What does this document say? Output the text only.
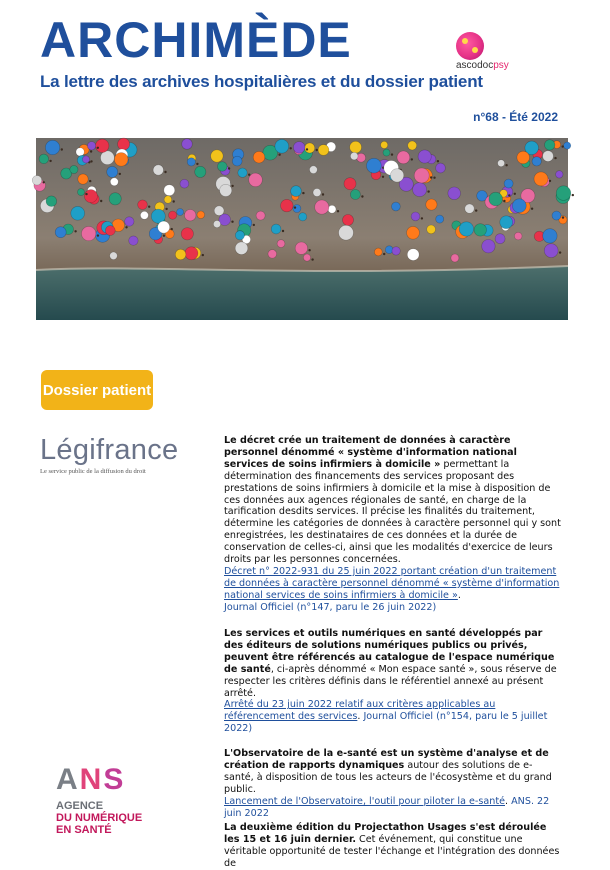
ARCHIMÈDE
La lettre des archives hospitalières et du dossier patient
ascodocpsy
n°68 - Été 2022
Dossier patient
Légifrance
Le service public de la diffusion du droit
ANS
AGENCE
DU NUMÉRIQUE
EN SANTÉ

Le décret crée un traitement de données à caractère personnel dénommé « système d'information national services de soins infirmiers à domicile » permettant la détermination des financements des services proposant des prestations de soins infirmiers à domicile et la mise à disposition de ces données aux agences régionales de santé, en charge de la tarification desdits services. Il précise les finalités du traitement, détermine les catégories de données à caractère personnel qui y sont enregistrées, les destinataires de ces données et la durée de conservation de celles-ci, ainsi que les modalités d'exercice de leurs droits par les personnes concernées.

Décret n° 2022-931 du 25 juin 2022 portant création d'un traitement de données à caractère personnel dénommé « système d'information national services de soins infirmiers à domicile ».
Journal Officiel (n°147, paru le 26 juin 2022)

Les services et outils numériques en santé développés par des éditeurs de solutions numériques publics ou privés, peuvent être référencés au catalogue de l'espace numérique de santé, ci-après dénommé « Mon espace santé », sous réserve de respecter les critères définis dans le référentiel annexé au présent arrêté.

Arrêté du 23 juin 2022 relatif aux critères applicables au référencement des services. Journal Officiel (n°154, paru le 5 juillet 2022)

L'Observatoire de la e-santé est un système d'analyse et de création de rapports dynamiques autour des solutions de e-santé, à disposition de tous les acteurs de l'écosystème et du grand public.

Lancement de l'Observatoire, l'outil pour piloter la e-santé. ANS. 22 juin 2022

La deuxième édition du Projectathon Usages s'est déroulée les 15 et 16 juin dernier. Cet événement, qui constitue une véritable opportunité de tester l'échange et l'intégration des données de
